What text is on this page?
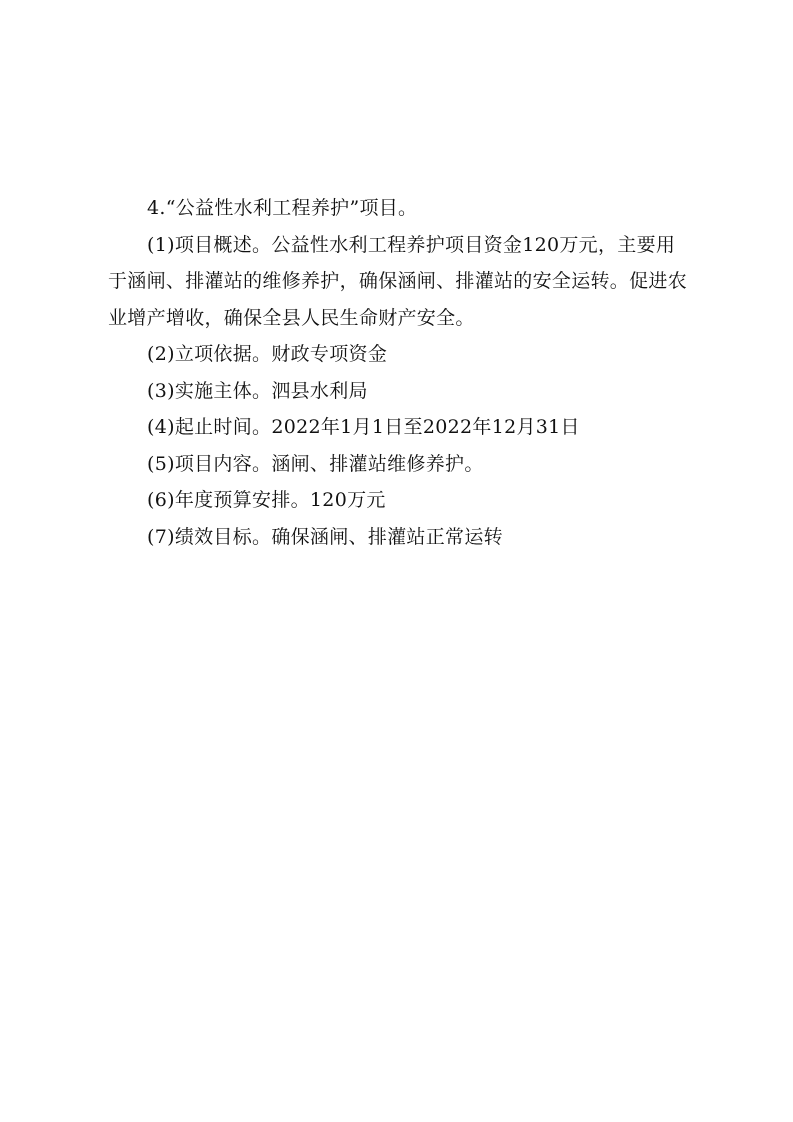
4.“公益性水利工程养护”项目。

(1)项目概述。公益性水利工程养护项目资金120万元，主要用于涵闸、排灌站的维修养护，确保涵闸、排灌站的安全运转。促进农业增产增收，确保全县人民生命财产安全。

(2)立项依据。财政专项资金

(3)实施主体。泗县水利局

(4)起止时间。2022年1月1日至2022年12月31日

(5)项目内容。涵闸、排灌站维修养护。

(6)年度预算安排。120万元

(7)绩效目标。确保涵闸、排灌站正常运转
